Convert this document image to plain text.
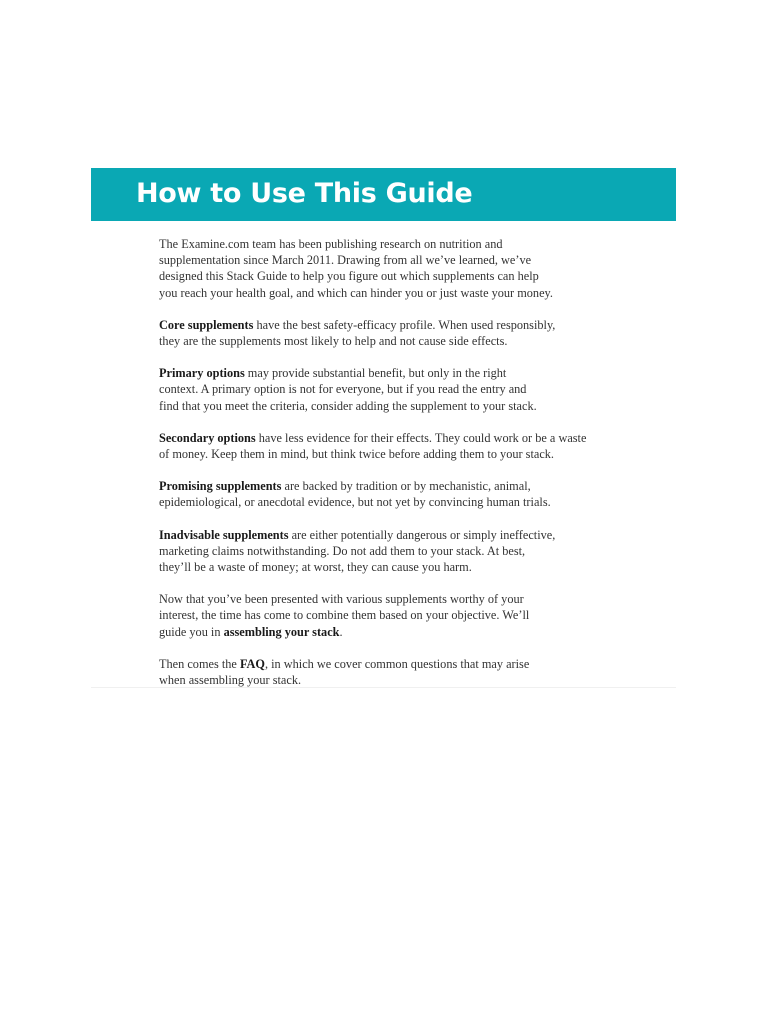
How to Use This Guide

The Examine.com team has been publishing research on nutrition and
supplementation since March 2011. Drawing from all we’ve learned, we’ve
designed this Stack Guide to help you figure out which supplements can help
you reach your health goal, and which can hinder you or just waste your money.

Core supplements have the best safety-efficacy profile. When used responsibly,
they are the supplements most likely to help and not cause side effects.

Primary options may provide substantial benefit, but only in the right
context. A primary option is not for everyone, but if you read the entry and
find that you meet the criteria, consider adding the supplement to your stack.

Secondary options have less evidence for their effects. They could work or be a waste
of money. Keep them in mind, but think twice before adding them to your stack.

Promising supplements are backed by tradition or by mechanistic, animal,
epidemiological, or anecdotal evidence, but not yet by convincing human trials.

Inadvisable supplements are either potentially dangerous or simply ineffective,
marketing claims notwithstanding. Do not add them to your stack. At best,
they’ll be a waste of money; at worst, they can cause you harm.

Now that you’ve been presented with various supplements worthy of your
interest, the time has come to combine them based on your objective. We’ll
guide you in assembling your stack.

Then comes the FAQ, in which we cover common questions that may arise
when assembling your stack.
